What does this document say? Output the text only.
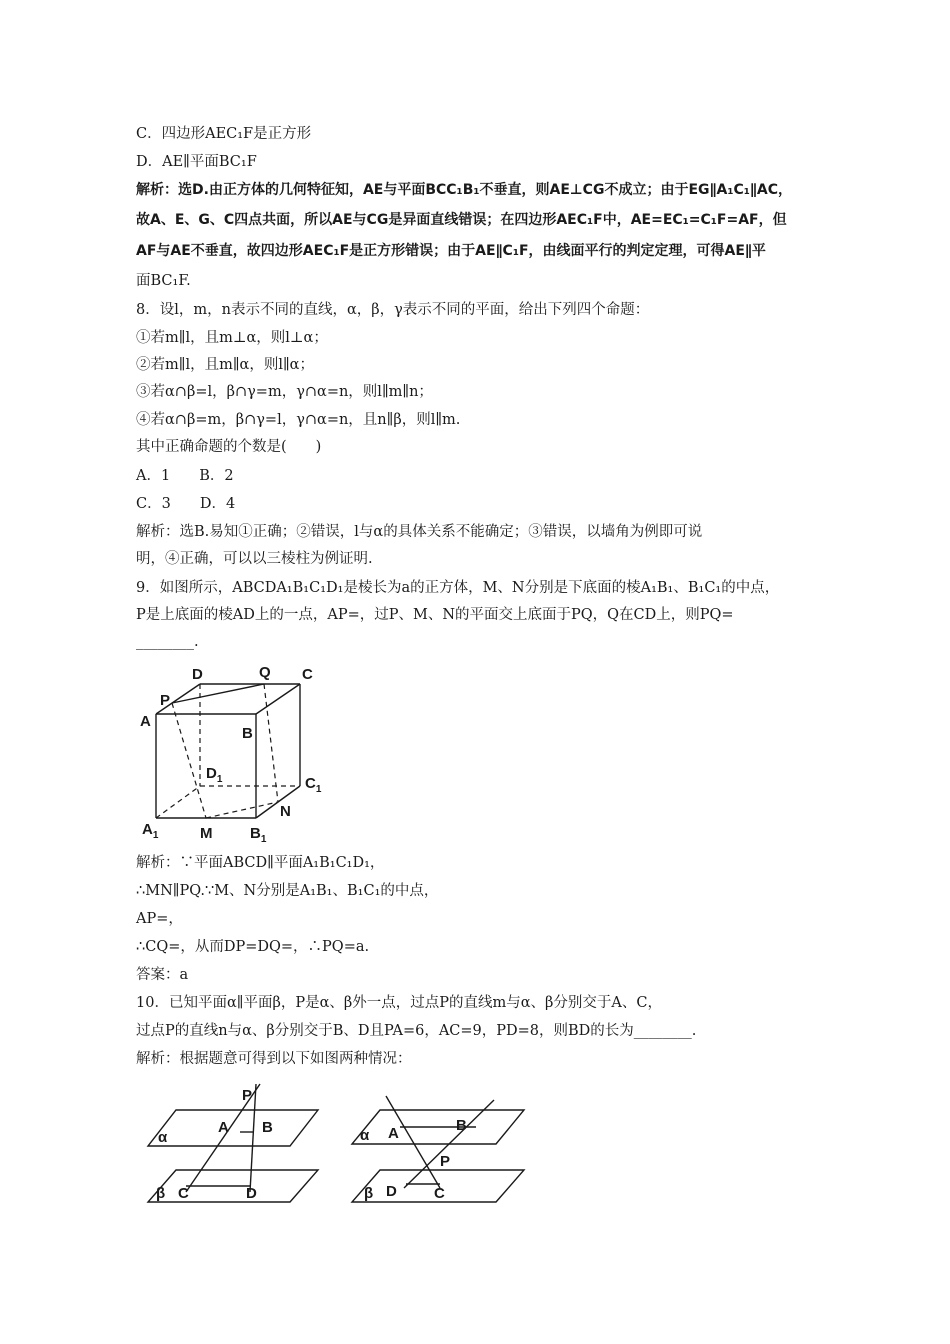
C．四边形AEC₁F是正方形
D．AE∥平面BC₁F
解析：选D.由正方体的几何特征知，AE与平面BCC₁B₁不垂直，则AE⊥CG不成立；由于EG∥A₁C₁∥AC，
故A、E、G、C四点共面，所以AE与CG是异面直线错误；在四边形AEC₁F中，AE=EC₁=C₁F=AF，但
AF与AE不垂直，故四边形AEC₁F是正方形错误；由于AE∥C₁F，由线面平行的判定定理，可得AE∥平
面BC₁F.
8．设l，m，n表示不同的直线，α，β，γ表示不同的平面，给出下列四个命题：
①若m∥l，且m⊥α，则l⊥α；
②若m∥l，且m∥α，则l∥α；
③若α∩β=l，β∩γ=m，γ∩α=n，则l∥m∥n；
④若α∩β=m，β∩γ=l，γ∩α=n，且n∥β，则l∥m.
其中正确命题的个数是(　　)
A．1　　B．2
C．3　　D．4
解析：选B.易知①正确；②错误，l与α的具体关系不能确定；③错误，以墙角为例即可说
明，④正确，可以以三棱柱为例证明.
9．如图所示，ABCDA₁B₁C₁D₁是棱长为a的正方体，M、N分别是下底面的棱A₁B₁、B₁C₁的中点，
P是上底面的棱AD上的一点，AP=，过P、M、N的平面交上底面于PQ，Q在CD上，则PQ=
________.
D	Q C
P
A
B
$D_1$	$C_1$
N
$A_1$	M	$B_1$
解析：∵平面ABCD∥平面A₁B₁C₁D₁，
∴MN∥PQ.∵M、N分别是A₁B₁、B₁C₁的中点，
AP=，
∴CQ=，从而DP=DQ=，∴PQ=a.
答案：a
10．已知平面α∥平面β，P是α、β外一点，过点P的直线m与α、β分别交于A、C，
过点P的直线n与α、β分别交于B、D且PA=6，AC=9，PD=8，则BD的长为________.
解析：根据题意可得到以下如图两种情况：
P
A B
α
β C	D
A	B
P
α
β D C
